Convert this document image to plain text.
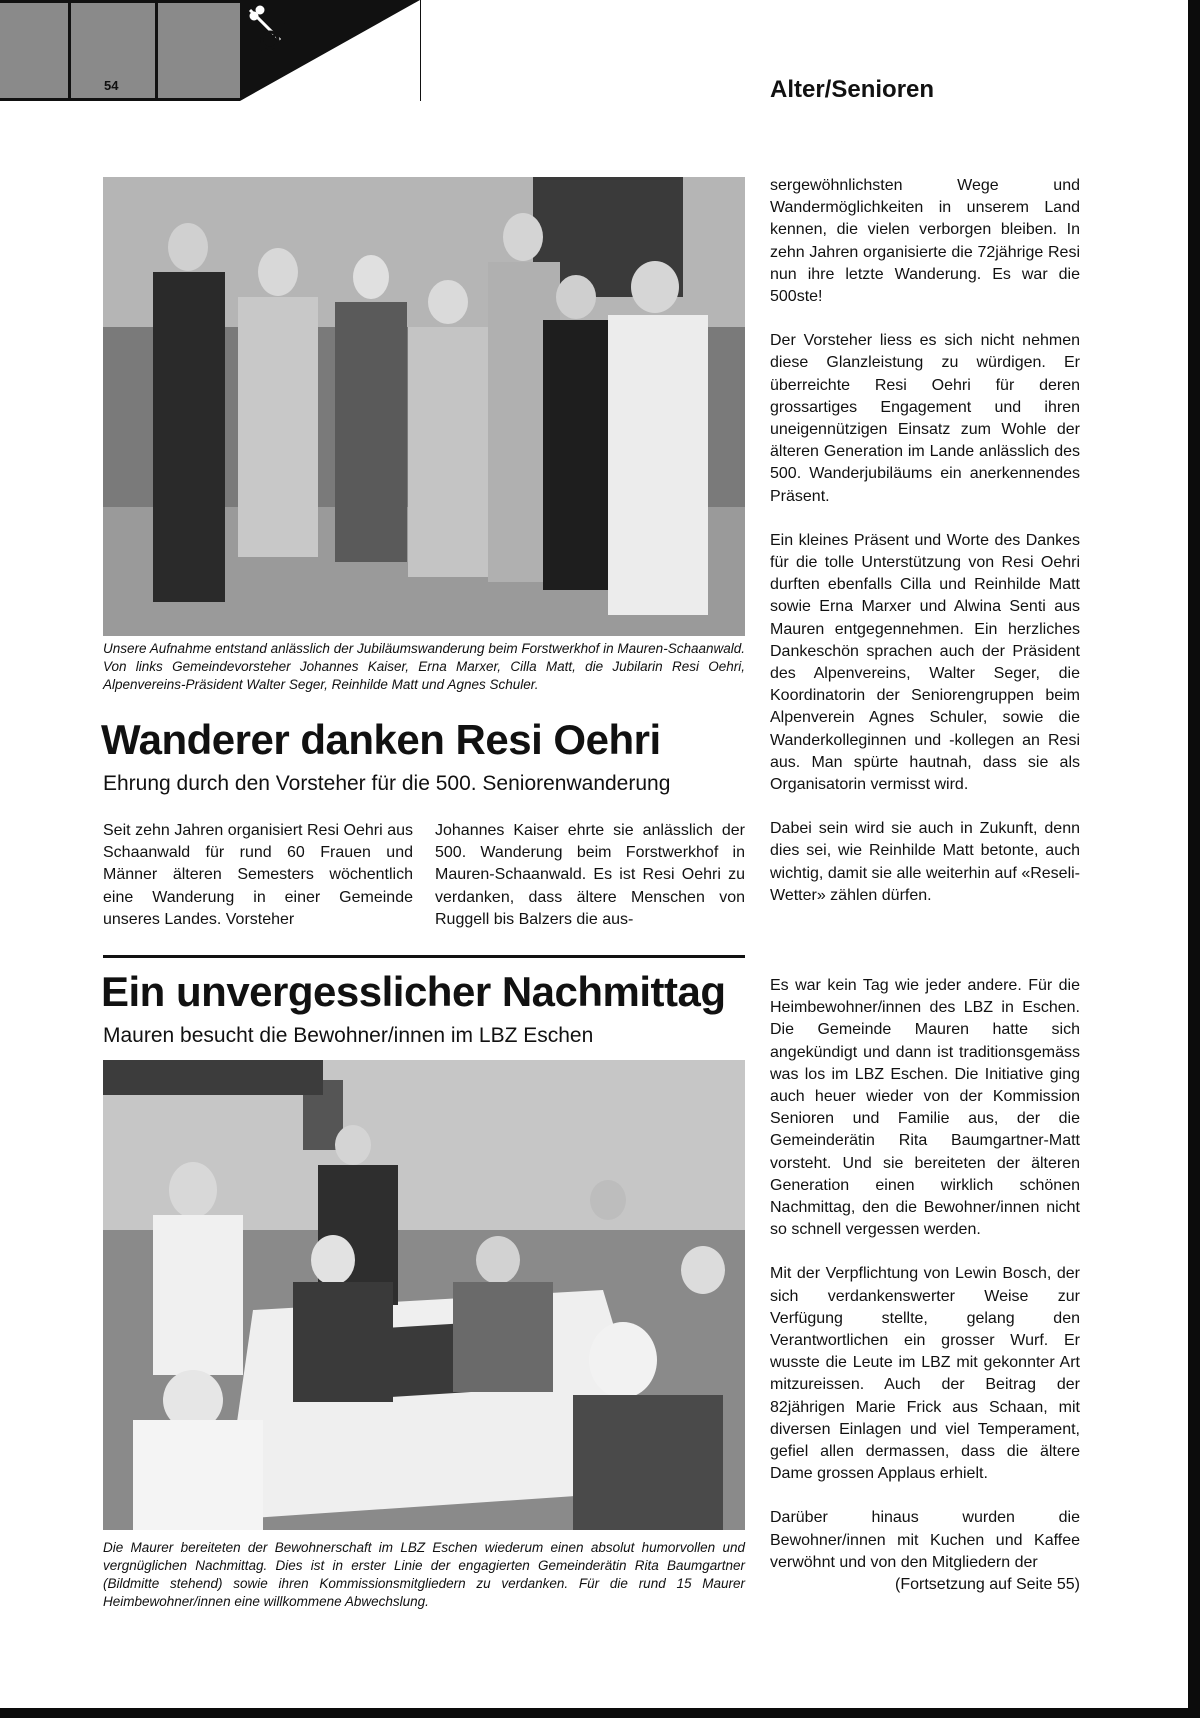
54	Alter/Senioren
Unsere Aufnahme entstand anlässlich der Jubiläumswanderung beim Forstwerkhof in Mauren-Schaanwald. Von links Gemeindevorsteher Johannes Kaiser, Erna Marxer, Cilla Matt, die Jubilarin Resi Oehri, Alpenvereins-Präsident Walter Seger, Reinhilde Matt und Agnes Schuler.
Wanderer danken Resi Oehri
Ehrung durch den Vorsteher für die 500. Seniorenwanderung

Seit zehn Jahren organisiert Resi Oehri aus Schaanwald für rund 60 Frauen und Männer älteren Semesters wöchentlich eine Wanderung in einer Gemeinde unseres Landes. Vorsteher

Johannes Kaiser ehrte sie anlässlich der 500. Wanderung beim Forstwerkhof in Mauren-Schaanwald. Es ist Resi Oehri zu verdanken, dass ältere Menschen von Ruggell bis Balzers die aus-

sergewöhnlichsten Wege und Wandermöglichkeiten in unserem Land kennen, die vielen verborgen bleiben. In zehn Jahren organisierte die 72jährige Resi nun ihre letzte Wanderung. Es war die 500ste!

Der Vorsteher liess es sich nicht nehmen diese Glanzleistung zu würdigen. Er überreichte Resi Oehri für deren grossartiges Engagement und ihren uneigennützigen Einsatz zum Wohle der älteren Generation im Lande anlässlich des 500. Wanderjubiläums ein anerkennendes Präsent.

Ein kleines Präsent und Worte des Dankes für die tolle Unterstützung von Resi Oehri durften ebenfalls Cilla und Reinhilde Matt sowie Erna Marxer und Alwina Senti aus Mauren entgegennehmen. Ein herzliches Dankeschön sprachen auch der Präsident des Alpenvereins, Walter Seger, die Koordinatorin der Seniorengruppen beim Alpenverein Agnes Schuler, sowie die Wanderkolleginnen und -kollegen an Resi aus. Man spürte hautnah, dass sie als Organisatorin vermisst wird.

Dabei sein wird sie auch in Zukunft, denn dies sei, wie Reinhilde Matt betonte, auch wichtig, damit sie alle weiterhin auf «Reseli-Wetter» zählen dürfen.

Ein unvergesslicher Nachmittag
Mauren besucht die Bewohner/innen im LBZ Eschen
Die Maurer bereiteten der Bewohnerschaft im LBZ Eschen wiederum einen absolut humorvollen und vergnüglichen Nachmittag. Dies ist in erster Linie der engagierten Gemeinderätin Rita Baumgartner (Bildmitte stehend) sowie ihren Kommissionsmitgliedern zu verdanken. Für die rund 15 Maurer Heimbewohner/innen eine willkommene Abwechslung.

Es war kein Tag wie jeder andere. Für die Heimbewohner/innen des LBZ in Eschen. Die Gemeinde Mauren hatte sich angekündigt und dann ist traditionsgemäss was los im LBZ Eschen. Die Initiative ging auch heuer wieder von der Kommission Senioren und Familie aus, der die Gemeinderätin Rita Baumgartner-Matt vorsteht. Und sie bereiteten der älteren Generation einen wirklich schönen Nachmittag, den die Bewohner/innen nicht so schnell vergessen werden.

Mit der Verpflichtung von Lewin Bosch, der sich verdankenswerter Weise zur Verfügung stellte, gelang den Verantwortlichen ein grosser Wurf. Er wusste die Leute im LBZ mit gekonnter Art mitzureissen. Auch der Beitrag der 82jährigen Marie Frick aus Schaan, mit diversen Einlagen und viel Temperament, gefiel allen dermassen, dass die ältere Dame grossen Applaus erhielt.

Darüber hinaus wurden die Bewohner/innen mit Kuchen und Kaffee verwöhnt und von den Mitgliedern der

(Fortsetzung auf Seite 55)
